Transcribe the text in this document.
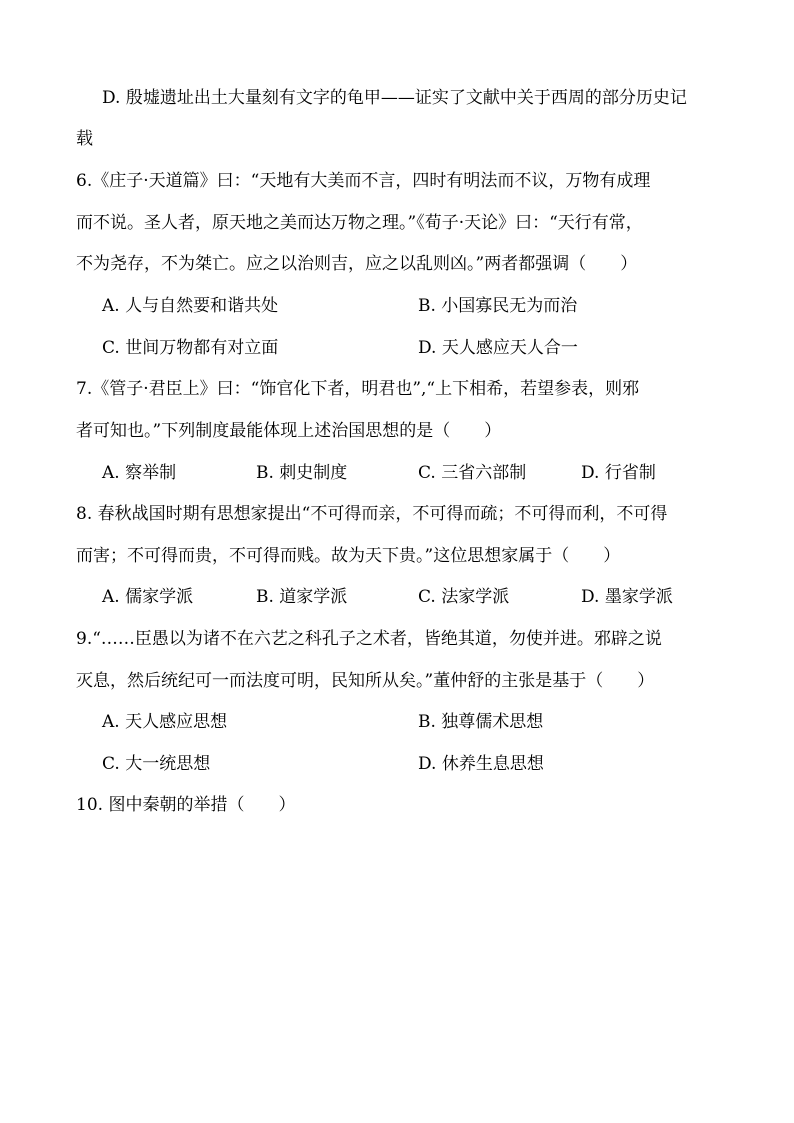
D. 殷墟遗址出土大量刻有文字的龟甲——证实了文献中关于西周的部分历史记
载
6.《庄子·天道篇》曰：“天地有大美而不言，四时有明法而不议，万物有成理
而不说。圣人者，原天地之美而达万物之理。”《荀子·天论》曰：“天行有常，
不为尧存，不为桀亡。应之以治则吉，应之以乱则凶。”两者都强调（　　）
A. 人与自然要和谐共处	B. 小国寡民无为而治
C. 世间万物都有对立面	D. 天人感应天人合一
7.《管子·君臣上》曰：“饰官化下者，明君也”,“上下相希，若望参表，则邪
者可知也。”下列制度最能体现上述治国思想的是（　　）
A. 察举制	B. 刺史制度	C. 三省六部制	D. 行省制
8. 春秋战国时期有思想家提出“不可得而亲，不可得而疏；不可得而利，不可得
而害；不可得而贵，不可得而贱。故为天下贵。”这位思想家属于（　　）
A. 儒家学派	B. 道家学派	C. 法家学派	D. 墨家学派
9.“……臣愚以为诸不在六艺之科孔子之术者，皆绝其道，勿使并进。邪辟之说
灭息，然后统纪可一而法度可明，民知所从矣。”董仲舒的主张是基于（　　）
A. 天人感应思想	B. 独尊儒术思想
C. 大一统思想	D. 休养生息思想
10. 图中秦朝的举措（　　）
